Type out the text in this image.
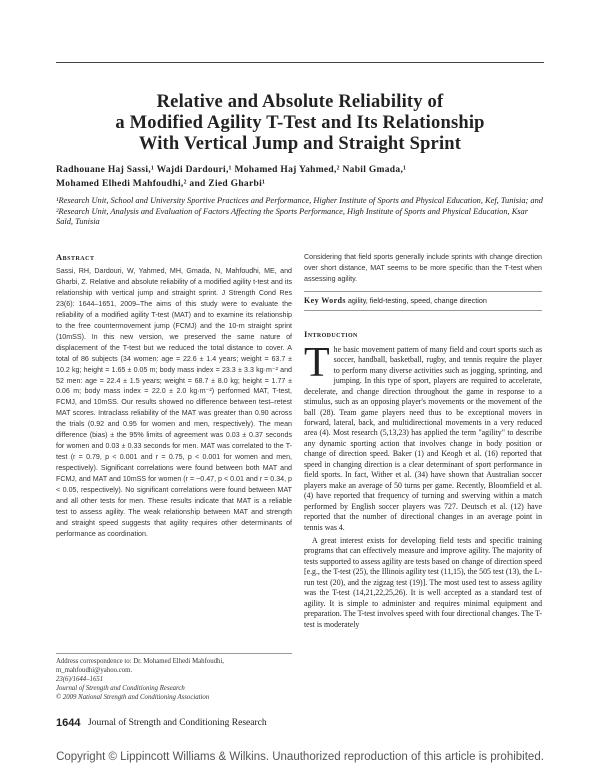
Relative and Absolute Reliability of
a Modified Agility T-Test and Its Relationship
With Vertical Jump and Straight Sprint
Radhouane Haj Sassi,¹ Wajdi Dardouri,¹ Mohamed Haj Yahmed,² Nabil Gmada,¹
Mohamed Elhedi Mahfoudhi,² and Zied Gharbi¹
¹Research Unit, School and University Sportive Practices and Performance, Higher Institute of Sports and Physical Education, Kef, Tunisia; and ²Research Unit, Analysis and Evaluation of Factors Affecting the Sports Performance, High Institute of Sports and Physical Education, Ksar Saïd, Tunisia
Abstract

Sassi, RH, Dardouri, W, Yahmed, MH, Gmada, N, Mahfoudhi, ME, and Gharbi, Z. Relative and absolute reliability of a modified agility t-test and its relationship with vertical jump and straight sprint. J Strength Cond Res 23(6): 1644–1651, 2009–The aims of this study were to evaluate the reliability of a modified agility T-test (MAT) and to examine its relationship to the free countermovement jump (FCMJ) and the 10-m straight sprint (10mSS). In this new version, we preserved the same nature of displacement of the T-test but we reduced the total distance to cover. A total of 86 subjects (34 women: age = 22.6 ± 1.4 years; weight = 63.7 ± 10.2 kg; height = 1.65 ± 0.05 m; body mass index = 23.3 ± 3.3 kg·m⁻² and 52 men: age = 22.4 ± 1.5 years; weight = 68.7 ± 8.0 kg; height = 1.77 ± 0.06 m; body mass index = 22.0 ± 2.0 kg·m⁻²) performed MAT, T-test, FCMJ, and 10mSS. Our results showed no difference between test–retest MAT scores. Intraclass reliability of the MAT was greater than 0.90 across the trials (0.92 and 0.95 for women and men, respectively). The mean difference (bias) ± the 95% limits of agreement was 0.03 ± 0.37 seconds for women and 0.03 ± 0.33 seconds for men. MAT was correlated to the T-test (r = 0.79, p < 0.001 and r = 0.75, p < 0.001 for women and men, respectively). Significant correlations were found between both MAT and FCMJ, and MAT and 10mSS for women (r = −0.47, p < 0.01 and r = 0.34, p < 0.05, respectively). No significant correlations were found between MAT and all other tests for men. These results indicate that MAT is a reliable test to assess agility. The weak relationship between MAT and strength and straight speed suggests that agility requires other determinants of performance as coordination.

Considering that field sports generally include sprints with change direction over short distance, MAT seems to be more specific than the T-test when assessing agility.

Key Words agility, field-testing, speed, change direction
Introduction

The basic movement pattern of many field and court sports such as soccer, handball, basketball, rugby, and tennis require the player to perform many diverse activities such as jogging, sprinting, and jumping. In this type of sport, players are required to accelerate, decelerate, and change direction throughout the game in response to a stimulus, such as an opposing player's movements or the movement of the ball (28). Team game players need thus to be exceptional movers in forward, lateral, back, and multidirectional movements in a very reduced area (4). Most research (5,13,23) has applied the term "agility" to describe any dynamic sporting action that involves change in body position or change of direction speed. Baker (1) and Keogh et al. (16) reported that speed in changing direction is a clear determinant of sport performance in field sports. In fact, Wither et al. (34) have shown that Australian soccer players make an average of 50 turns per game. Recently, Bloomfield et al. (4) have reported that frequency of turning and swerving within a match performed by English soccer players was 727. Deutsch et al. (12) have reported that the number of directional changes in an average point in tennis was 4.

A great interest exists for developing field tests and specific training programs that can effectively measure and improve agility. The majority of tests supported to assess agility are tests based on change of direction speed [e.g., the T-test (25), the Illinois agility test (11,15), the 505 test (13), the L-run test (20), and the zigzag test (19)]. The most used test to assess agility was the T-test (14,21,22,25,26). It is well accepted as a standard test of agility. It is simple to administer and requires minimal equipment and preparation. The T-test involves speed with four directional changes. The T-test is moderately

Address correspondence to: Dr. Mohamed Elhedi Mahfoudhi, m_mahfoudhi@yahoo.com.
23(6)/1644–1651
Journal of Strength and Conditioning Research
© 2009 National Strength and Conditioning Association
1644 Journal of Strength and Conditioning Research
Copyright © Lippincott Williams & Wilkins. Unauthorized reproduction of this article is prohibited.
